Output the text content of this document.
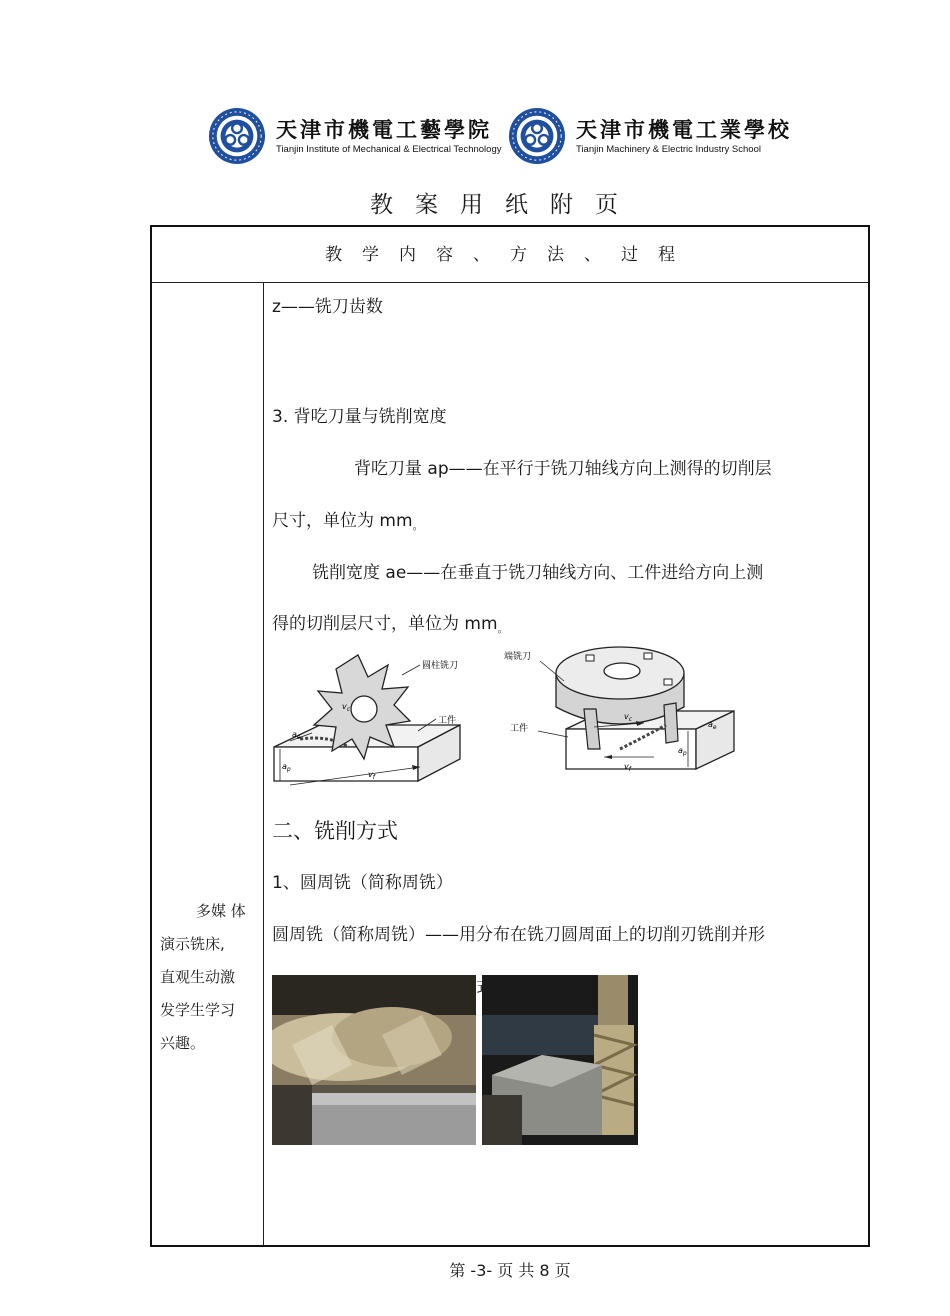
天津市機電工藝學院
Tianjin Institute of Mechanical & Electrical Technology
天津市機電工業學校
Tianjin Machinery & Electric Industry School
教案用纸附页
教学内容、方法、过程
多媒 体
演示铣床,
直观生动激
发学生学习
兴趣。
z——铣刀齿数
3. 背吃刀量与铣削宽度
背吃刀量 ap——在平行于铣刀轴线方向上测得的切削层
尺寸，单位为 $mm_。$
铣削宽度 ae——在垂直于铣刀轴线方向、工件进给方向上测
得的切削层尺寸，单位为 $mm_。$
圆柱铣刀
工件
$v_f$
$v_c$
$a_p$
$a_e$
端铣刀
工件
$v_c$
$v_f$
$a_p$
$a_e$
二、铣削方式
1、圆周铣（简称周铣）
圆周铣（简称周铣）——用分布在铣刀圆周面上的切削刃铣削并形
第 -3- 页 共 8 页
